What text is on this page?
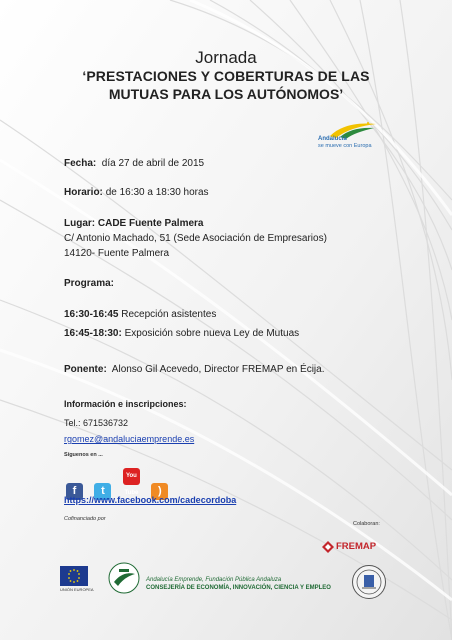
Jornada
‘PRESTACIONES Y COBERTURAS DE LAS
MUTUAS PARA LOS AUTÓNOMOS’
Andalucía
se mueve con Europa
Fecha: día 27 de abril de 2015
Horario: de 16:30 a 18:30 horas
Lugar: CADE Fuente Palmera
C/ Antonio Machado, 51 (Sede Asociación de Empresarios)
14120- Fuente Palmera
Programa:
16:30-16:45 Recepción asistentes
16:45-18:30: Exposición sobre nueva Ley de Mutuas
Ponente: Alonso Gil Acevedo, Director FREMAP en Écija.
Información e inscripciones:
Tel.: 671536732
rgomez@andaluciaemprende.es
Síguenos en ...
f t You Tube )
https://www.facebook.com/cadecordoba
Cofinanciado por
Colaboran:
FREMAP
UNIÓN EUROPEA
Andalucía Emprende, Fundación Pública Andaluza
CONSEJERÍA DE ECONOMÍA, INNOVACIÓN, CIENCIA Y EMPLEO
